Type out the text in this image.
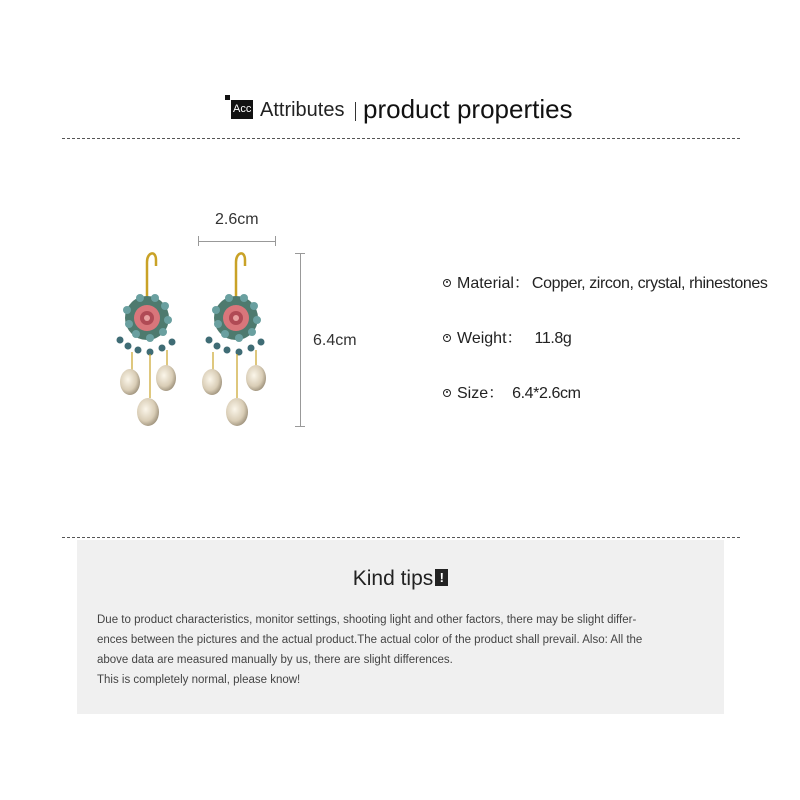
Acc Attributes product properties
2.6cm
6.4cm
Material： Copper, zircon, crystal, rhinestones
Weight： 11.8g
Size： 6.4*2.6cm
Kind tips !
Due to product characteristics, monitor settings, shooting light and other factors, there may be slight differ-
ences between the pictures and the actual product.The actual color of the product shall prevail. Also: All the
above data are measured manually by us, there are slight differences.
This is completely normal, please know!
